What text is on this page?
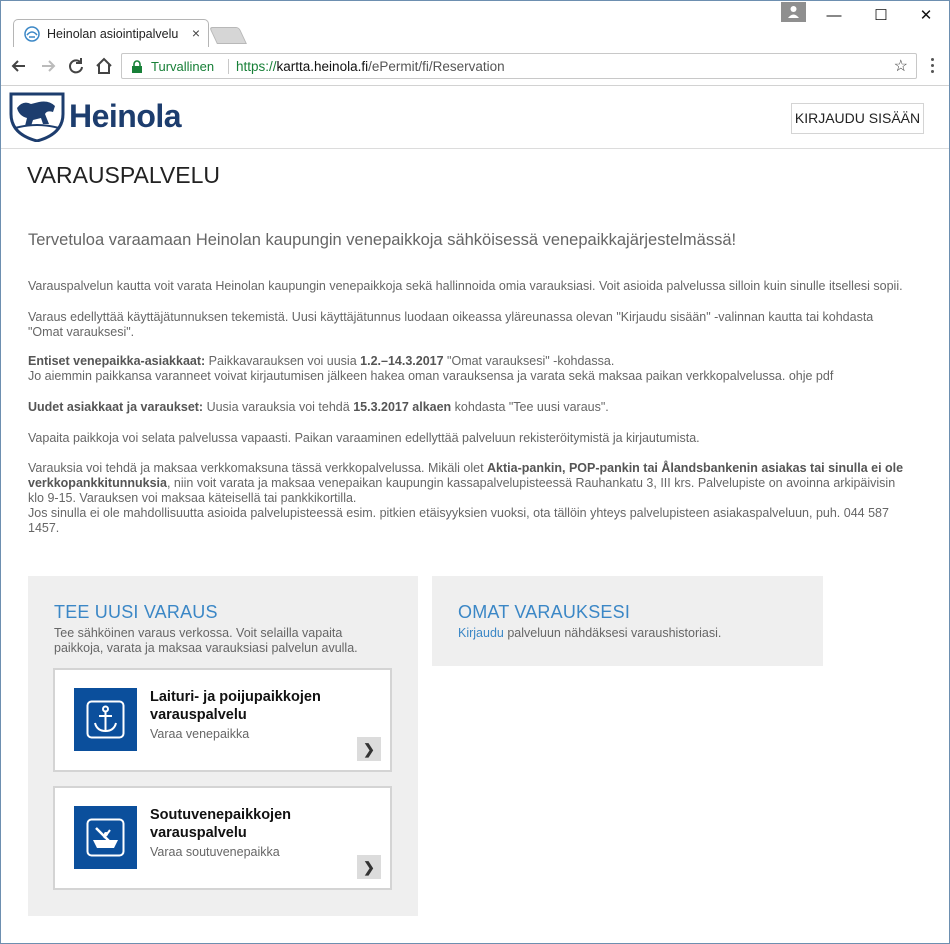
Heinolan asiointipalvelu ×
—	☐	✕
Turvallinen https://kartta.heinola.fi/ePermit/fi/Reservation	☆
Heinola	KIRJAUDU SISÄÄN
VARAUSPALVELU
Tervetuloa varaamaan Heinolan kaupungin venepaikkoja sähköisessä venepaikkajärjestelmässä!

Varauspalvelun kautta voit varata Heinolan kaupungin venepaikkoja sekä hallinnoida omia varauksiasi. Voit asioida palvelussa silloin kuin sinulle itsellesi sopii.

Varaus edellyttää käyttäjätunnuksen tekemistä. Uusi käyttäjätunnus luodaan oikeassa yläreunassa olevan "Kirjaudu sisään" -valinnan kautta tai kohdasta "Omat varauksesi".

Entiset venepaikka-asiakkaat: Paikkavarauksen voi uusia 1.2.–14.3.2017 "Omat varauksesi" -kohdassa.
Jo aiemmin paikkansa varanneet voivat kirjautumisen jälkeen hakea oman varauksensa ja varata sekä maksaa paikan verkkopalvelussa. ohje pdf

Uudet asiakkaat ja varaukset: Uusia varauksia voi tehdä 15.3.2017 alkaen kohdasta "Tee uusi varaus".

Vapaita paikkoja voi selata palvelussa vapaasti. Paikan varaaminen edellyttää palveluun rekisteröitymistä ja kirjautumista.

Varauksia voi tehdä ja maksaa verkkomaksuna tässä verkkopalvelussa. Mikäli olet Aktia-pankin, POP-pankin tai Ålandsbankenin asiakas tai sinulla ei ole verkkopankkitunnuksia, niin voit varata ja maksaa venepaikan kaupungin kassapalvelupisteessä Rauhankatu 3, III krs. Palvelupiste on avoinna arkipäivisin klo 9-15. Varauksen voi maksaa käteisellä tai pankkikortilla.
Jos sinulla ei ole mahdollisuutta asioida palvelupisteessä esim. pitkien etäisyyksien vuoksi, ota tällöin yhteys palvelupisteen asiakaspalveluun, puh. 044 587 1457.

TEE UUSI VARAUS
Tee sähköinen varaus verkossa. Voit selailla vapaita paikkoja, varata ja maksaa varauksiasi palvelun avulla.
Laituri- ja poijupaikkojen varauspalvelu
Varaa venepaikka
❯
Soutuvenepaikkojen varauspalvelu
Varaa soutuvenepaikka
❯
OMAT VARAUKSESI
Kirjaudu palveluun nähdäksesi varaushistoriasi.
